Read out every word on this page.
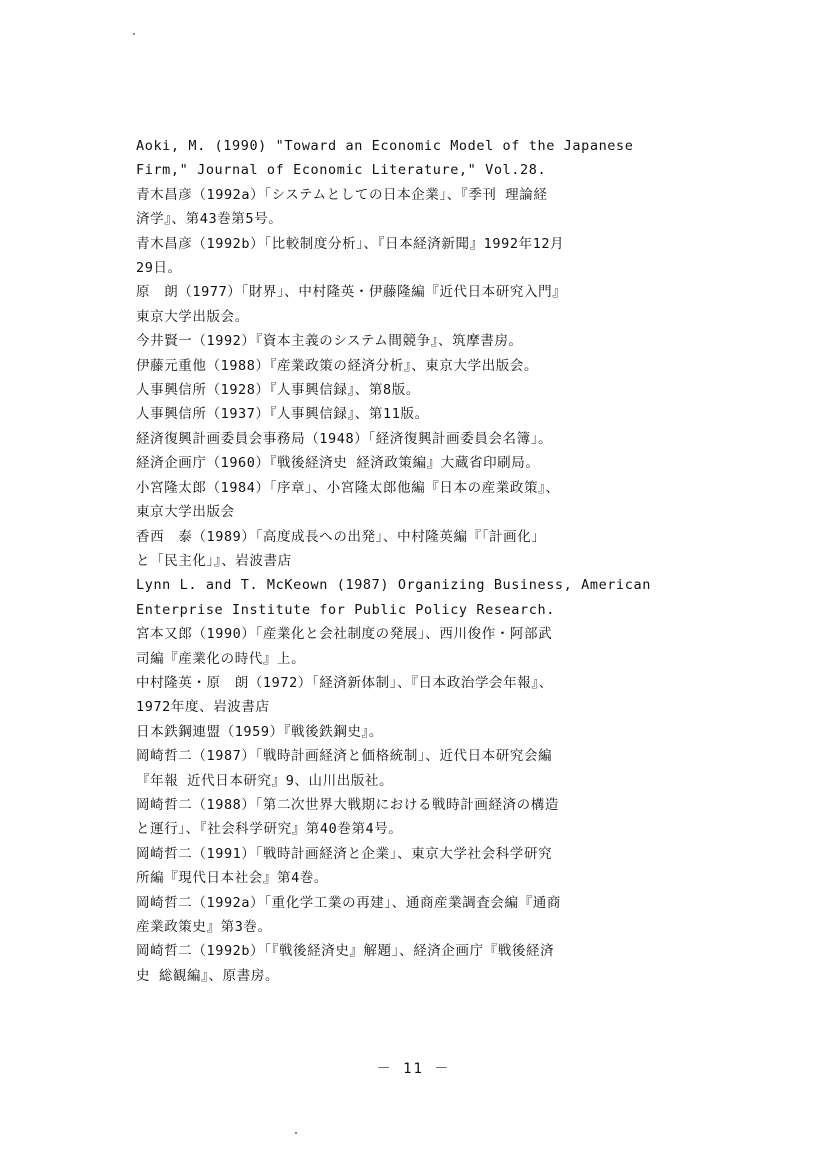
Aoki, M. (1990) "Toward an Economic Model of the Japanese
Firm," Journal of Economic Literature," Vol.28.
青木昌彦（1992a）「システムとしての日本企業」、『季刊 理論経
済学』、第43巻第5号。
青木昌彦（1992b）「比較制度分析」、『日本経済新聞』1992年12月
29日。
原　朗（1977）「財界」、中村隆英・伊藤隆編『近代日本研究入門』
東京大学出版会。
今井賢一（1992）『資本主義のシステム間競争』、筑摩書房。
伊藤元重他（1988）『産業政策の経済分析』、東京大学出版会。
人事興信所（1928）『人事興信録』、第8版。
人事興信所（1937）『人事興信録』、第11版。
経済復興計画委員会事務局（1948）「経済復興計画委員会名簿」。
経済企画庁（1960）『戦後経済史 経済政策編』大蔵省印刷局。
小宮隆太郎（1984）「序章」、小宮隆太郎他編『日本の産業政策』、
東京大学出版会
香西　泰（1989）「高度成長への出発」、中村隆英編『「計画化」
と「民主化」』、岩波書店
Lynn L. and T. McKeown (1987) Organizing Business, American
Enterprise Institute for Public Policy Research.
宮本又郎（1990）「産業化と会社制度の発展」、西川俊作・阿部武
司編『産業化の時代』上。
中村隆英・原　朗（1972）「経済新体制」、『日本政治学会年報』、
1972年度、岩波書店
日本鉄鋼連盟（1959）『戦後鉄鋼史』。
岡崎哲二（1987）「戦時計画経済と価格統制」、近代日本研究会編
『年報 近代日本研究』9、山川出版社。
岡崎哲二（1988）「第二次世界大戦期における戦時計画経済の構造
と運行」、『社会科学研究』第40巻第4号。
岡崎哲二（1991）「戦時計画経済と企業」、東京大学社会科学研究
所編『現代日本社会』第4巻。
岡崎哲二（1992a）「重化学工業の再建」、通商産業調査会編『通商
産業政策史』第3巻。
岡崎哲二（1992b）「『戦後経済史』解題」、経済企画庁『戦後経済
史 総観編』、原書房。
－ 11 －
